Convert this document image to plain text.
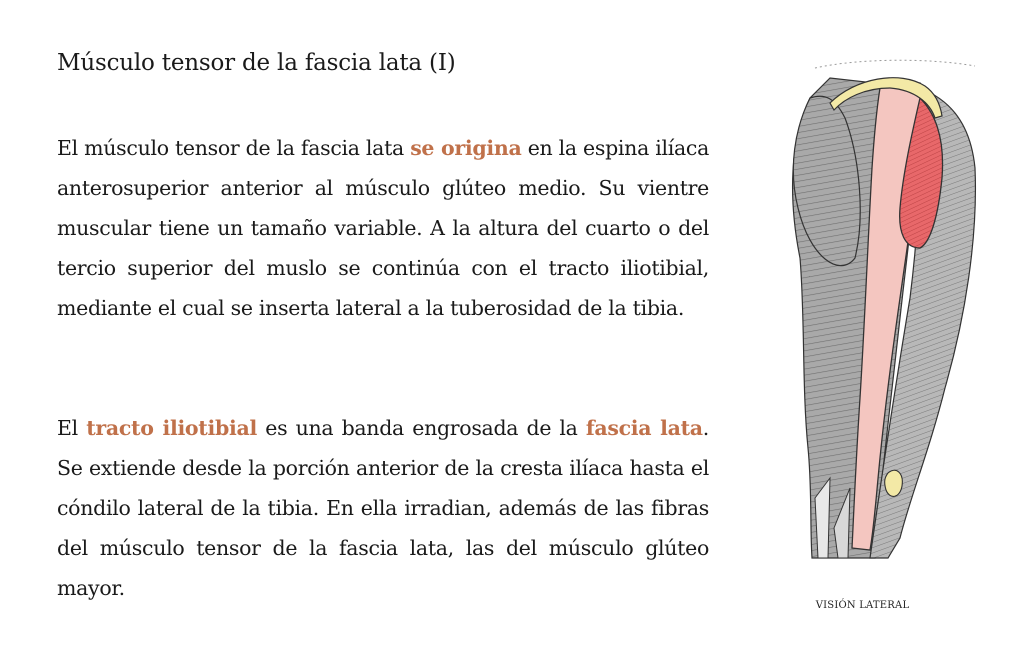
Músculo tensor de la fascia lata (I)

El músculo tensor de la fascia lata se origina en la espina ilíaca anterosuperior anterior al músculo glúteo medio. Su vientre muscular tiene un tamaño variable. A la altura del cuarto o del tercio superior del muslo se continúa con el tracto iliotibial, mediante el cual se inserta lateral a la tuberosidad de la tibia.

El tracto iliotibial es una banda engrosada de la fascia lata. Se extiende desde la porción anterior de la cresta ilíaca hasta el cóndilo lateral de la tibia. En ella irradian, además de las fibras del músculo tensor de la fascia lata, las del músculo glúteo mayor.

VISIÓN LATERAL
